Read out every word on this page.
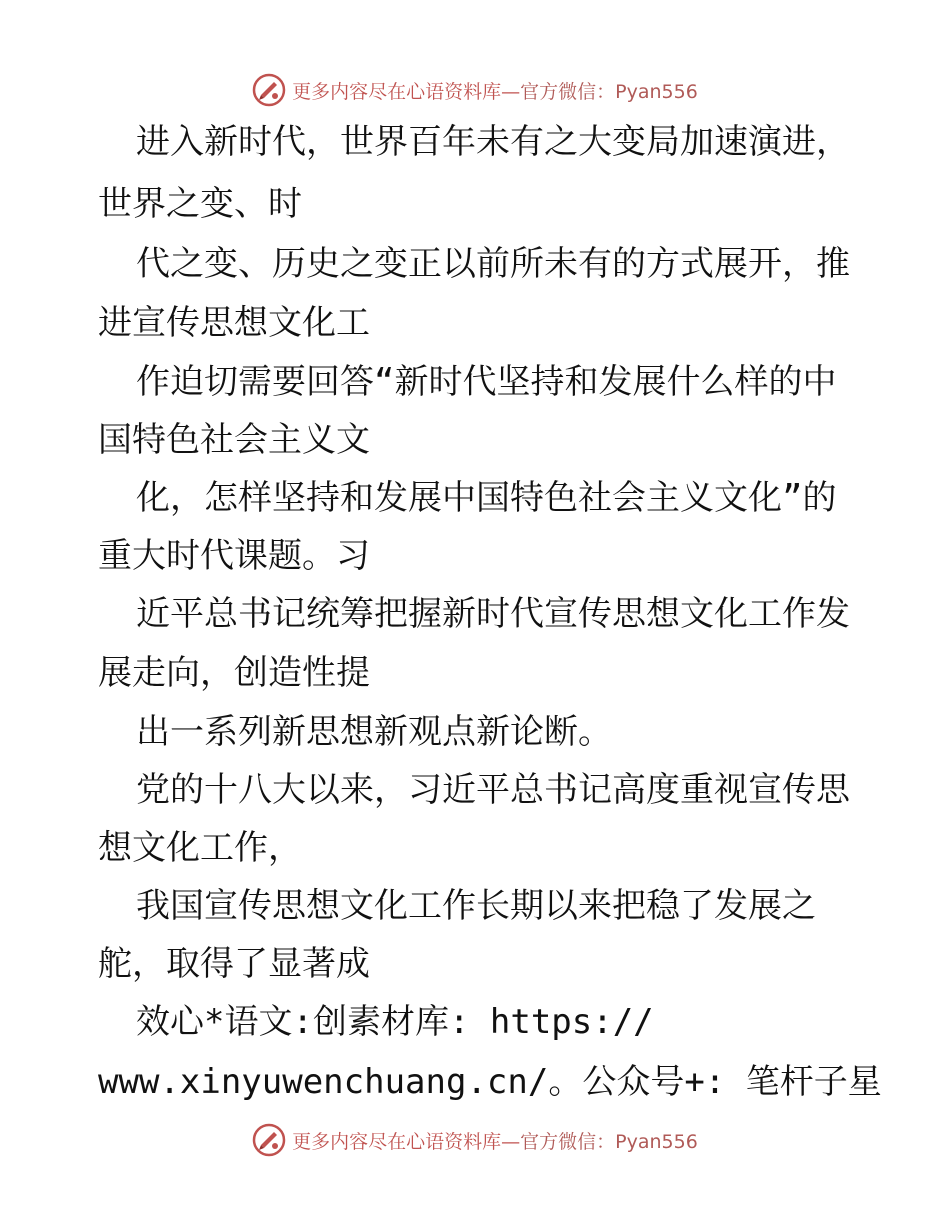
更多内容尽在心语资料库— 官方微信：Pyan556
进入新时代，世界百年未有之大变局加速演进，
世界之变、时
代之变、历史之变正以前所未有的方式展开，推
进宣传思想文化工
作迫切需要回答“新时代坚持和发展什么样的中
国特色社会主义文
化，怎样坚持和发展中国特色社会主义文化”的
重大时代课题。习
近平总书记统筹把握新时代宣传思想文化工作发
展走向，创造性提
出一系列新思想新观点新论断。
党的十八大以来，习近平总书记高度重视宣传思
想文化工作，
我国宣传思想文化工作长期以来把稳了发展之
舵，取得了显著成
效心*语文:创素材库: https://
www.xinyuwenchuang.cn/。公众号+: 笔杆子星
更多内容尽在心语资料库— 官方微信：Pyan556
